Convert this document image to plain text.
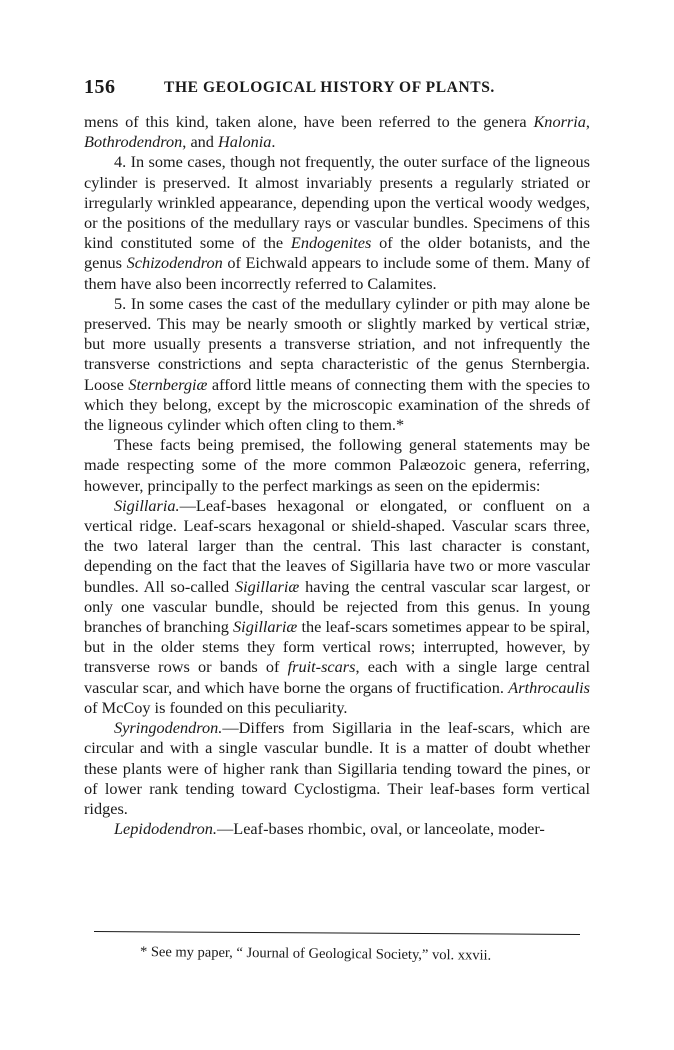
156	THE GEOLOGICAL HISTORY OF PLANTS.

mens of this kind, taken alone, have been referred to the genera Knorria, Bothrodendron, and Halonia.

4. In some cases, though not frequently, the outer surface of the ligneous cylinder is preserved. It almost invariably presents a regularly striated or irregularly wrinkled appearance, depending upon the vertical woody wedges, or the positions of the medullary rays or vascular bundles. Specimens of this kind constituted some of the Endogenites of the older botanists, and the genus Schizodendron of Eichwald appears to include some of them. Many of them have also been incorrectly referred to Calamites.

5. In some cases the cast of the medullary cylinder or pith may alone be preserved. This may be nearly smooth or slightly marked by vertical striæ, but more usually presents a transverse striation, and not infrequently the transverse constrictions and septa characteristic of the genus Sternbergia. Loose Sternbergiæ afford little means of connecting them with the species to which they belong, except by the microscopic examination of the shreds of the ligneous cylinder which often cling to them.*

These facts being premised, the following general statements may be made respecting some of the more common Palæozoic genera, referring, however, principally to the perfect markings as seen on the epidermis:

Sigillaria.—Leaf-bases hexagonal or elongated, or confluent on a vertical ridge. Leaf-scars hexagonal or shield-shaped. Vascular scars three, the two lateral larger than the central. This last character is constant, depending on the fact that the leaves of Sigillaria have two or more vascular bundles. All so-called Sigillariæ having the central vascular scar largest, or only one vascular bundle, should be rejected from this genus. In young branches of branching Sigillariæ the leaf-scars sometimes appear to be spiral, but in the older stems they form vertical rows; interrupted, however, by transverse rows or bands of fruit-scars, each with a single large central vascular scar, and which have borne the organs of fructification. Arthrocaulis of McCoy is founded on this peculiarity.

Syringodendron.—Differs from Sigillaria in the leaf-scars, which are circular and with a single vascular bundle. It is a matter of doubt whether these plants were of higher rank than Sigillaria tending toward the pines, or of lower rank tending toward Cyclostigma. Their leaf-bases form vertical ridges.

Lepidodendron.—Leaf-bases rhombic, oval, or lanceolate, moder-

* See my paper, “ Journal of Geological Society,” vol. xxvii.
